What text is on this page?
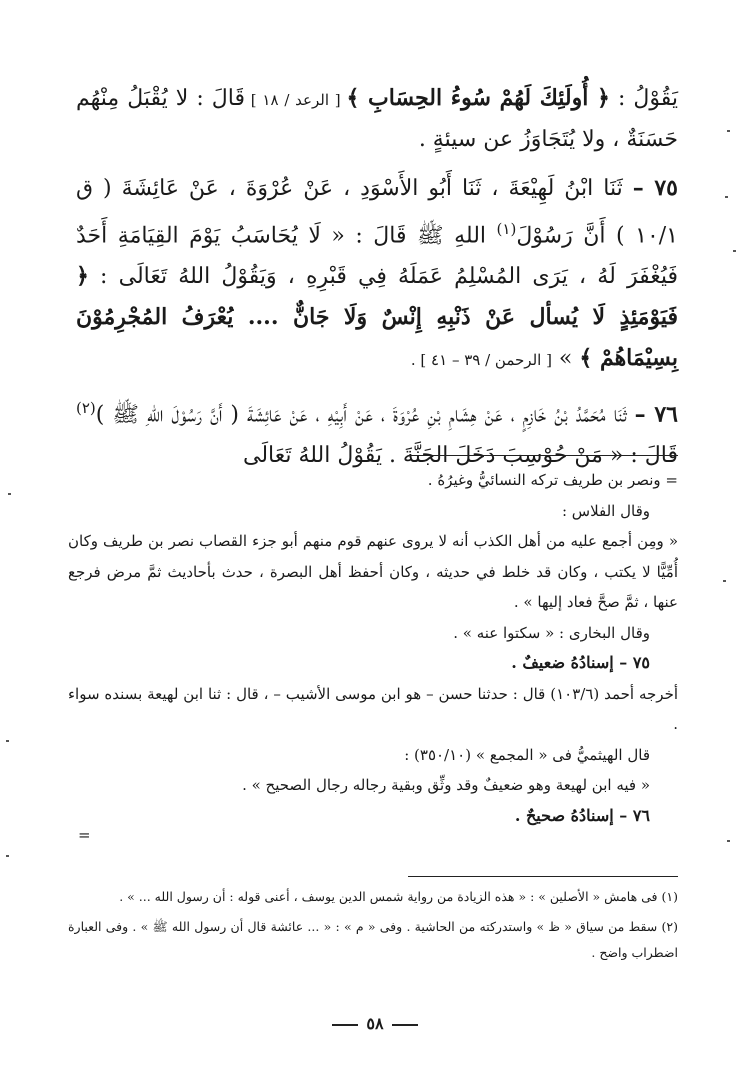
يَقُوْلُ : ﴿ أُولَئِكَ لَهُمْ سُوءُ الحِسَابِ ﴾ [ الرعد / ١٨ ] قَالَ : لا يُقْبَلُ مِنْهُم حَسَنَةٌ ، ولا يُتَجَاوَزُ عن سيئةٍ .

٧٥ – ثَنَا ابْنُ لَهِيْعَةَ ، ثَنَا أَبُو الأَسْوَدِ ، عَنْ عُرْوَةَ ، عَنْ عَائِشَةَ ( ق ١٠/١ ) أَنَّ رَسُوْلَ$^{(١)}$ اللهِ ﷺ قَالَ : « لَا يُحَاسَبُ يَوْمَ القِيَامَةِ أَحَدٌ فَيُغْفَرَ لَهُ ، يَرَى المُسْلِمُ عَمَلَهُ فِي قَبْرِهِ ، وَيَقُوْلُ اللهُ تَعَالَى : ﴿ فَيَوْمَئِذٍ لَا يُسأل عَنْ ذَنْبِهِ إِنْسٌ وَلَا جَانٌّ .... يُعْرَفُ المُجْرِمُوْنَ بِسِيْمَاهُمْ ﴾ » [ الرحمن / ٣٩ – ٤١ ] .

٧٦ – ثَنَا مُحَمَّدُ بْنُ خَازِمٍ ، عَنْ هِشَامِ بْنِ عُرْوَةَ ، عَنْ أَبِيْهِ ، عَنْ عَائِشَةَ ( أَنَّ رَسُوْلَ اللهِ ﷺ )$^{(٢)}$ قَالَ : « مَنْ حُوْسِبَ دَخَلَ الجَنَّةَ . يَقُوْلُ اللهُ تَعَالَى

= ونصر بن طريف تركه النسائيُّ وغيرُهُ .

وقال الفلاس :

« ومِن أجمع عليه من أهل الكذب أنه لا يروى عنهم قوم منهم أبو جزء القصاب نصر بن طريف وكان أُمِّيًّا لا يكتب ، وكان قد خلط في حديثه ، وكان أحفظ أهل البصرة ، حدث بأحاديث ثمَّ مرض فرجع عنها ، ثمَّ صحَّ فعاد إليها » .

وقال البخارى : « سكتوا عنه » .

٧٥ – إسنادُهُ ضعيفٌ .

أخرجه أحمد (١٠٣/٦) قال : حدثنا حسن – هو ابن موسى الأشيب – ، قال : ثنا ابن لهيعة بسنده سواء .

قال الهيثميُّ فى « المجمع » (٣٥٠/١٠) :

« فيه ابن لهيعة وهو ضعيفٌ وقد وثِّق وبقية رجاله رجال الصحيح » .

٧٦ – إسنادُهُ صحيحٌ .

=

(١) فى هامش « الأصلين » : « هذه الزيادة من رواية شمس الدين يوسف ، أعنى قوله : أن رسول الله ... » .

(٢) سقط من سياق « ظ » واستدركته من الحاشية . وفى « م » : « ... عائشة قال أن رسول الله ﷺ » . وفى العبارة اضطراب واضح .

٥٨
